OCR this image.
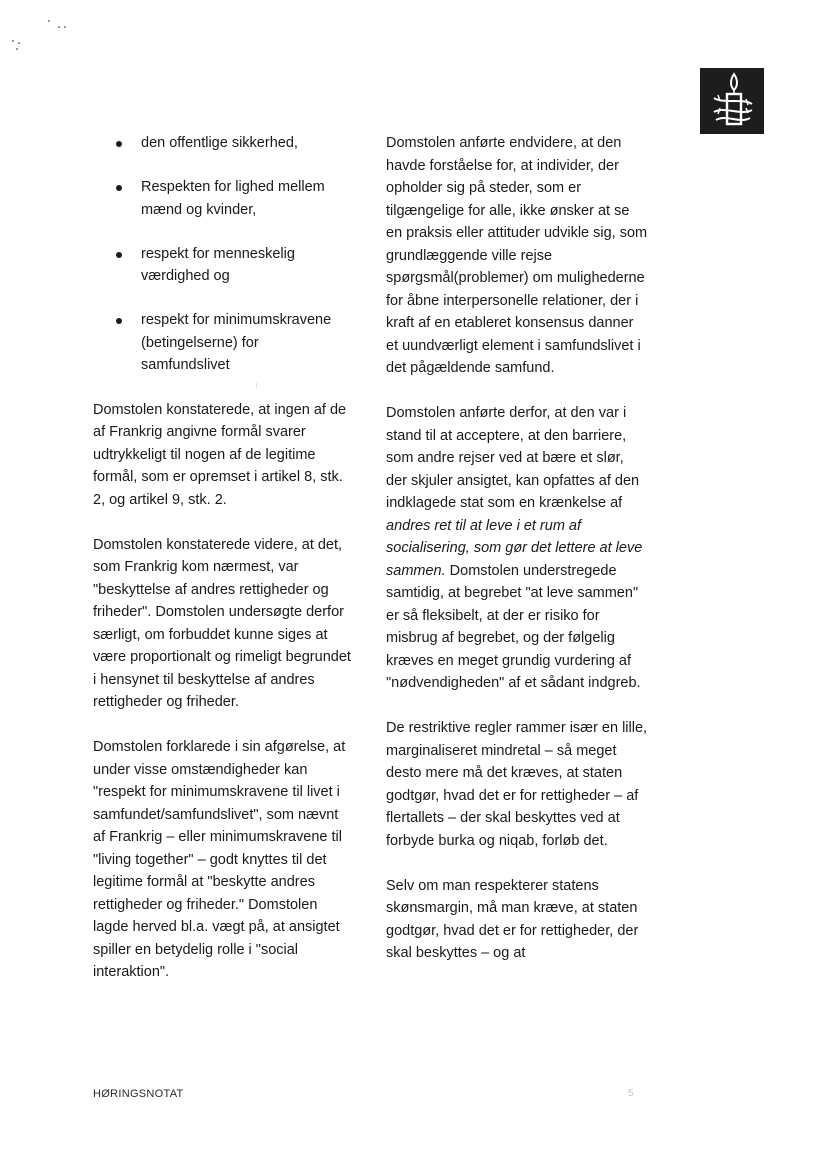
den offentlige sikkerhed,
Respekten for lighed mellem mænd og kvinder,
respekt for menneskelig værdighed og
respekt for minimumskravene (betingelserne) for samfundslivet

Domstolen konstaterede, at ingen af de af Frankrig angivne formål svarer udtrykkeligt til nogen af de legitime formål, som er opremset i artikel 8, stk. 2, og artikel 9, stk. 2.

Domstolen konstaterede videre, at det, som Frankrig kom nærmest, var "beskyttelse af andres rettigheder og friheder". Domstolen undersøgte derfor særligt, om forbuddet kunne siges at være proportionalt og rimeligt begrundet i hensynet til beskyttelse af andres rettigheder og friheder.

Domstolen forklarede i sin afgørelse, at under visse omstændigheder kan "respekt for minimumskravene til livet i samfundet/samfundslivet", som nævnt af Frankrig – eller minimumskravene til "living together" – godt knyttes til det legitime formål at "beskytte andres rettigheder og friheder." Domstolen lagde herved bl.a. vægt på, at ansigtet spiller en betydelig rolle i "social interaktion".

Domstolen anførte endvidere, at den havde forståelse for, at individer, der opholder sig på steder, som er tilgængelige for alle, ikke ønsker at se en praksis eller attituder udvikle sig, som grundlæggende ville rejse spørgsmål(problemer) om mulighederne for åbne interpersonelle relationer, der i kraft af en etableret konsensus danner et uundværligt element i samfundslivet i det pågældende samfund.

Domstolen anførte derfor, at den var i stand til at acceptere, at den barriere, som andre rejser ved at bære et slør, der skjuler ansigtet, kan opfattes af den indklagede stat som en krænkelse af andres ret til at leve i et rum af socialisering, som gør det lettere at leve sammen. Domstolen understregede samtidig, at begrebet "at leve sammen" er så fleksibelt, at der er risiko for misbrug af begrebet, og der følgelig kræves en meget grundig vurdering af "nødvendigheden" af et sådant indgreb.

De restriktive regler rammer især en lille, marginaliseret mindretal – så meget desto mere må det kræves, at staten godtgør, hvad det er for rettigheder – af flertallets – der skal beskyttes ved at forbyde burka og niqab, forløb det.

Selv om man respekterer statens skønsmargin, må man kræve, at staten godtgør, hvad det er for rettigheder, der skal beskyttes – og at

HØRINGSNOTAT	5
